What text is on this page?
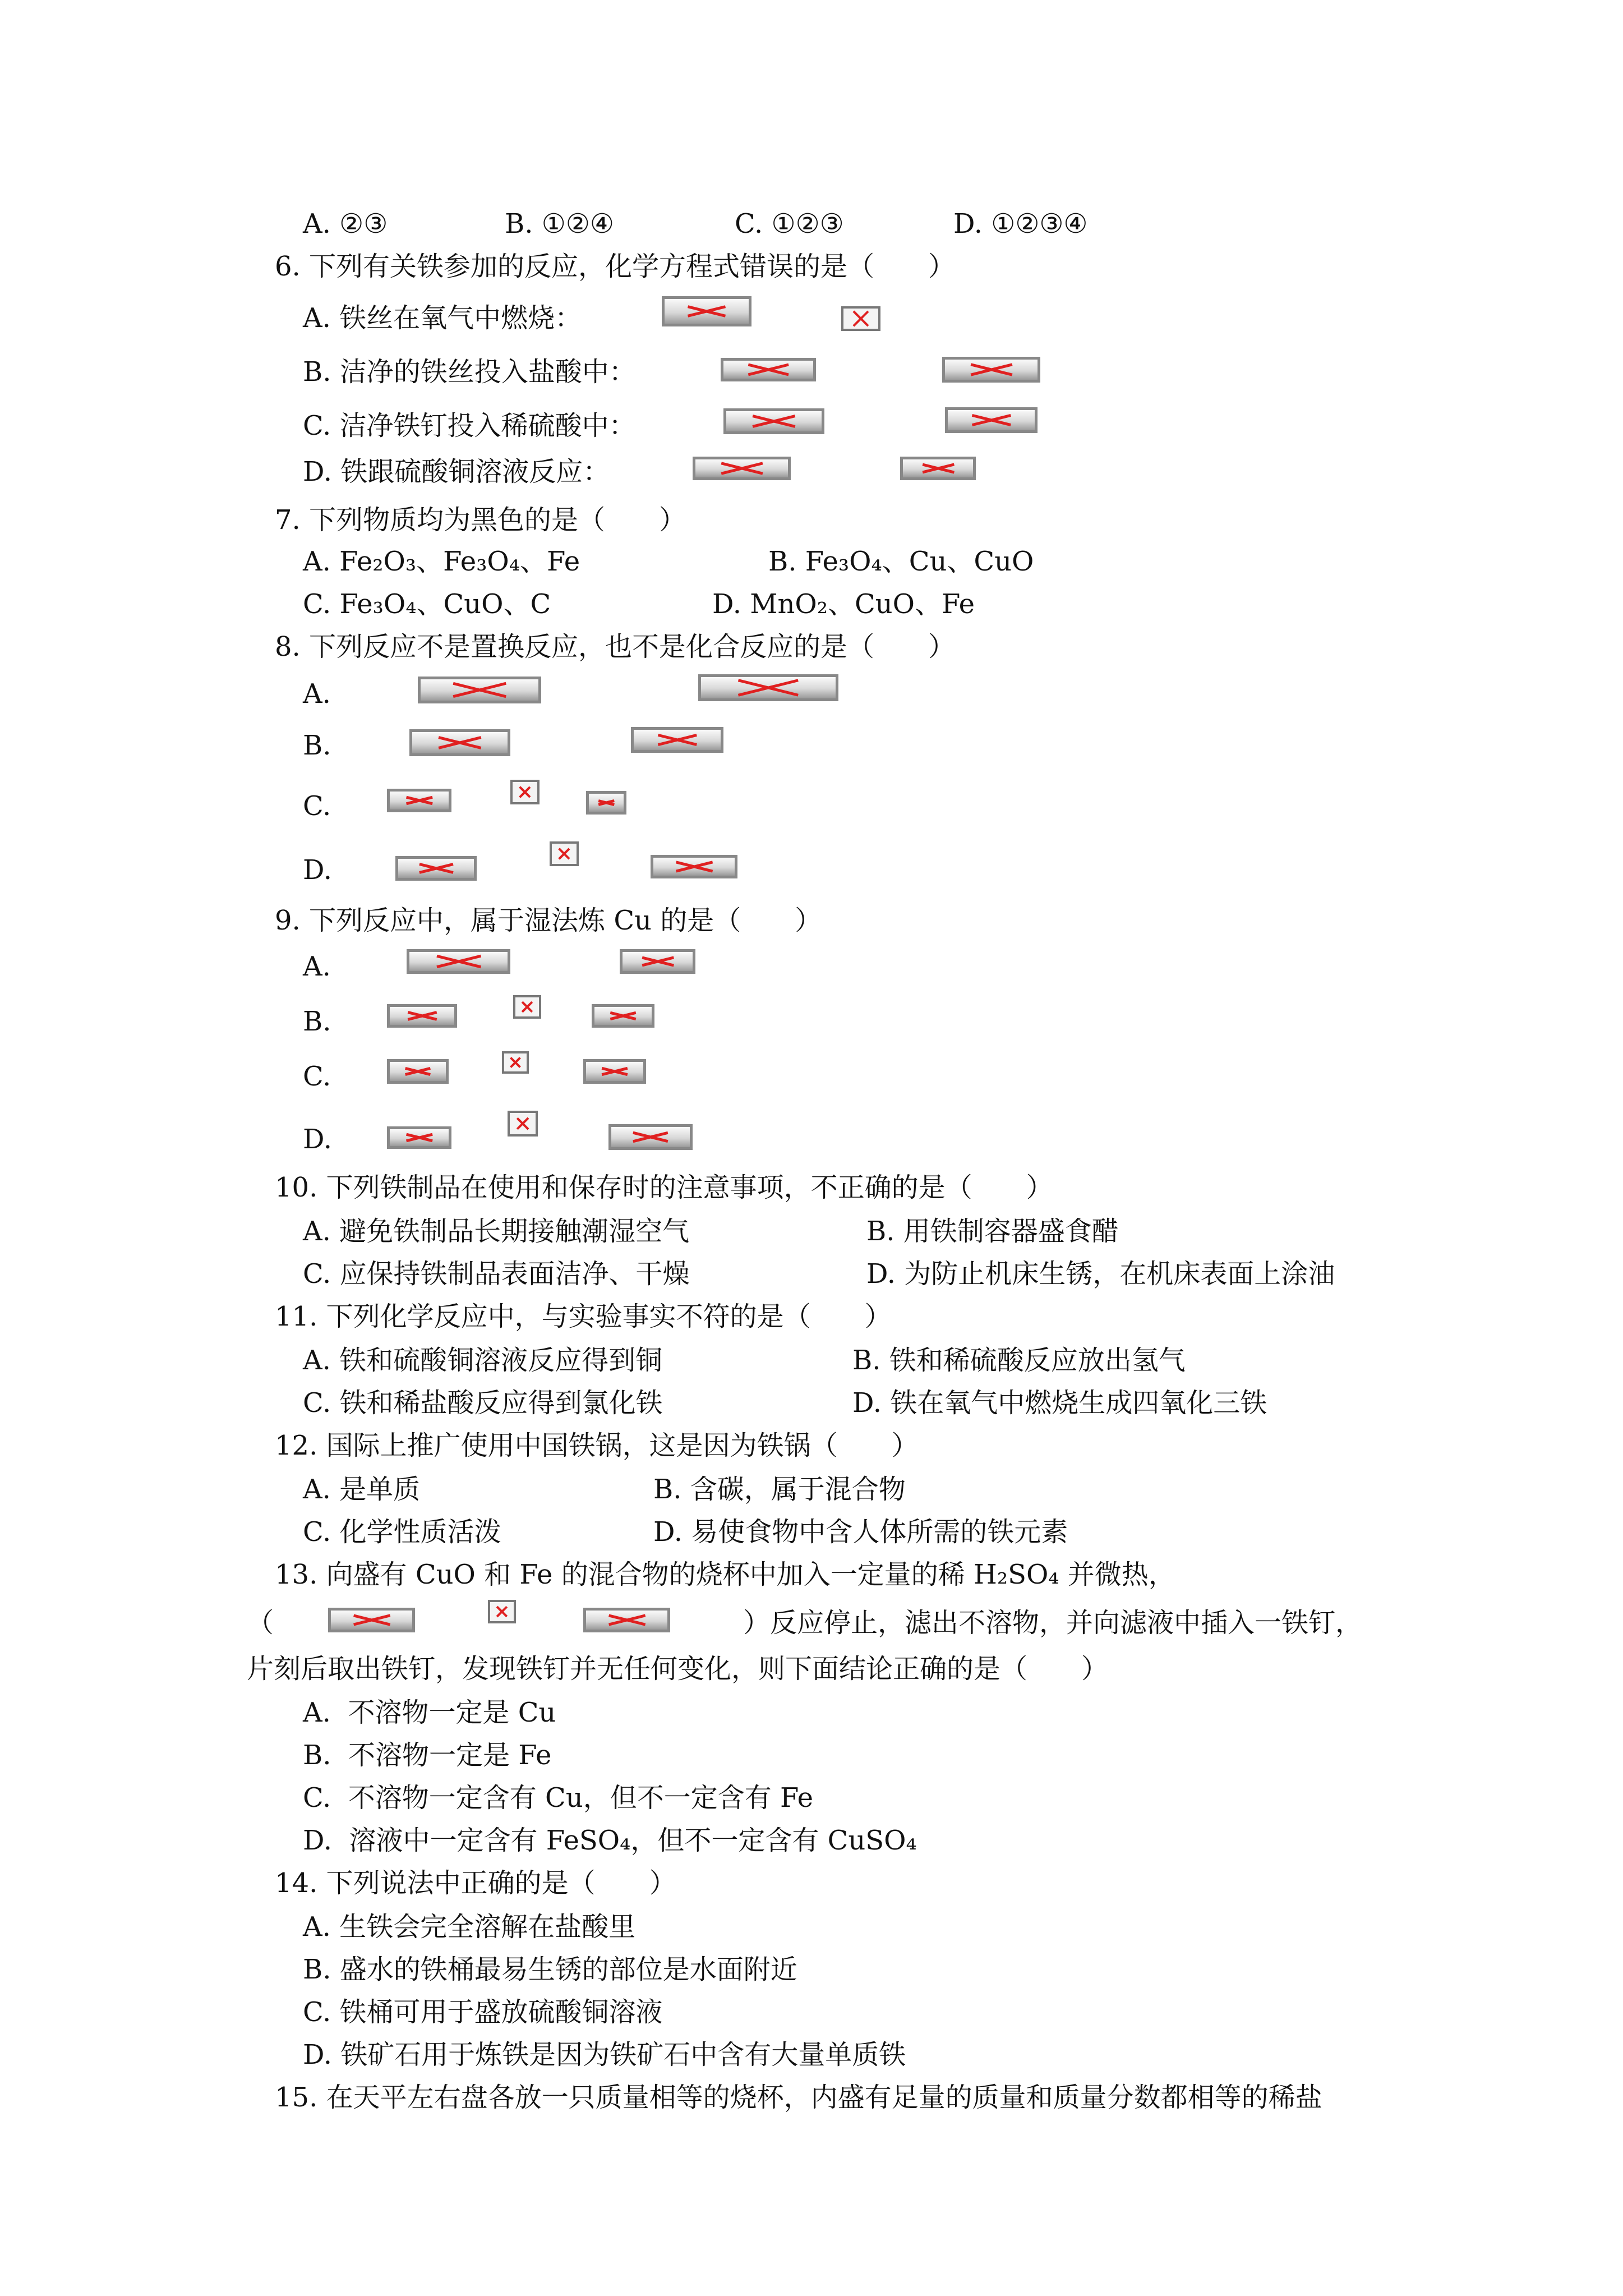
A. ②③	B. ①②④	C. ①②③	D. ①②③④
6. 下列有关铁参加的反应，化学方程式错误的是（　　）
A. 铁丝在氧气中燃烧：
B. 洁净的铁丝投入盐酸中：
C. 洁净铁钉投入稀硫酸中：
D. 铁跟硫酸铜溶液反应：
7. 下列物质均为黑色的是（　　）
A. Fe₂O₃、Fe₃O₄、Fe	B. Fe₃O₄、Cu、CuO
C. Fe₃O₄、CuO、C	D. MnO₂、CuO、Fe
8. 下列反应不是置换反应，也不是化合反应的是（　　）
A.
B.
C.
D.
9. 下列反应中，属于湿法炼 Cu 的是（　　）
A.
B.
C.
D.
10. 下列铁制品在使用和保存时的注意事项，不正确的是（　　）
A. 避免铁制品长期接触潮湿空气	B. 用铁制容器盛食醋
C. 应保持铁制品表面洁净、干燥	D. 为防止机床生锈，在机床表面上涂油
11. 下列化学反应中，与实验事实不符的是（　　）
A. 铁和硫酸铜溶液反应得到铜	B. 铁和稀硫酸反应放出氢气
C. 铁和稀盐酸反应得到氯化铁	D. 铁在氧气中燃烧生成四氧化三铁
12. 国际上推广使用中国铁锅，这是因为铁锅（　　）
A. 是单质	B. 含碳，属于混合物
C. 化学性质活泼	D. 易使食物中含人体所需的铁元素
13. 向盛有 CuO 和 Fe 的混合物的烧杯中加入一定量的稀 H₂SO₄ 并微热，
（	）反应停止，滤出不溶物，并向滤液中插入一铁钉，
片刻后取出铁钉，发现铁钉并无任何变化，则下面结论正确的是（　　）
A.  不溶物一定是 Cu
B.  不溶物一定是 Fe
C.  不溶物一定含有 Cu，但不一定含有 Fe
D.  溶液中一定含有 FeSO₄，但不一定含有 CuSO₄
14. 下列说法中正确的是（　　）
A. 生铁会完全溶解在盐酸里
B. 盛水的铁桶最易生锈的部位是水面附近
C. 铁桶可用于盛放硫酸铜溶液
D. 铁矿石用于炼铁是因为铁矿石中含有大量单质铁
15. 在天平左右盘各放一只质量相等的烧杯，内盛有足量的质量和质量分数都相等的稀盐
